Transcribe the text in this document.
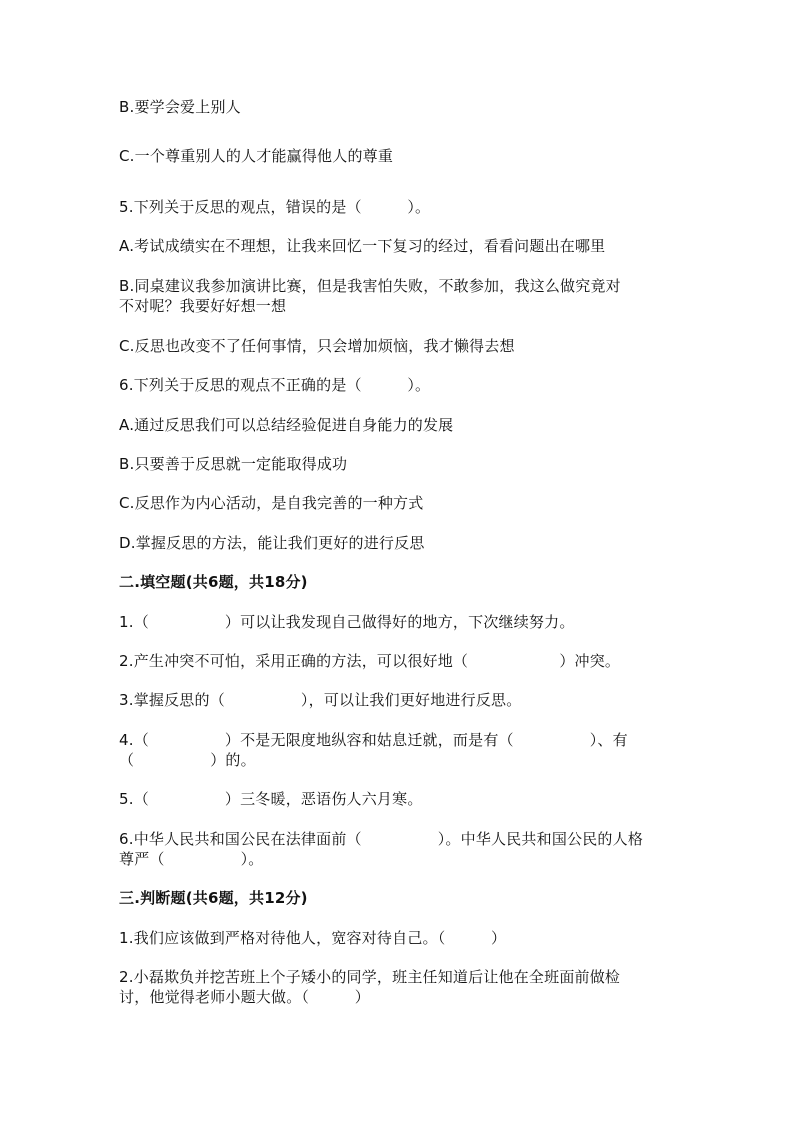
B.要学会爱上别人
C.一个尊重别人的人才能赢得他人的尊重
5.下列关于反思的观点，错误的是（　　　）。
A.考试成绩实在不理想，让我来回忆一下复习的经过，看看问题出在哪里
B.同桌建议我参加演讲比赛，但是我害怕失败，不敢参加，我这么做究竟对
不对呢？我要好好想一想
C.反思也改变不了任何事情，只会增加烦恼，我才懒得去想
6.下列关于反思的观点不正确的是（　　　）。
A.通过反思我们可以总结经验促进自身能力的发展
B.只要善于反思就一定能取得成功
C.反思作为内心活动，是自我完善的一种方式
D.掌握反思的方法，能让我们更好的进行反思
二.填空题(共6题，共18分)
1.（　　　　　）可以让我发现自己做得好的地方，下次继续努力。
2.产生冲突不可怕，采用正确的方法，可以很好地（　　　　　　）冲突。
3.掌握反思的（　　　　　），可以让我们更好地进行反思。
4.（　　　　　）不是无限度地纵容和姑息迁就，而是有（　　　　　）、有
（　　　　　）的。
5.（　　　　　）三冬暖，恶语伤人六月寒。
6.中华人民共和国公民在法律面前（　　　　　）。中华人民共和国公民的人格
尊严（　　　　　）。
三.判断题(共6题，共12分)
1.我们应该做到严格对待他人，宽容对待自己。（　　　）
2.小磊欺负并挖苦班上个子矮小的同学，班主任知道后让他在全班面前做检
讨，他觉得老师小题大做。（　　　）
